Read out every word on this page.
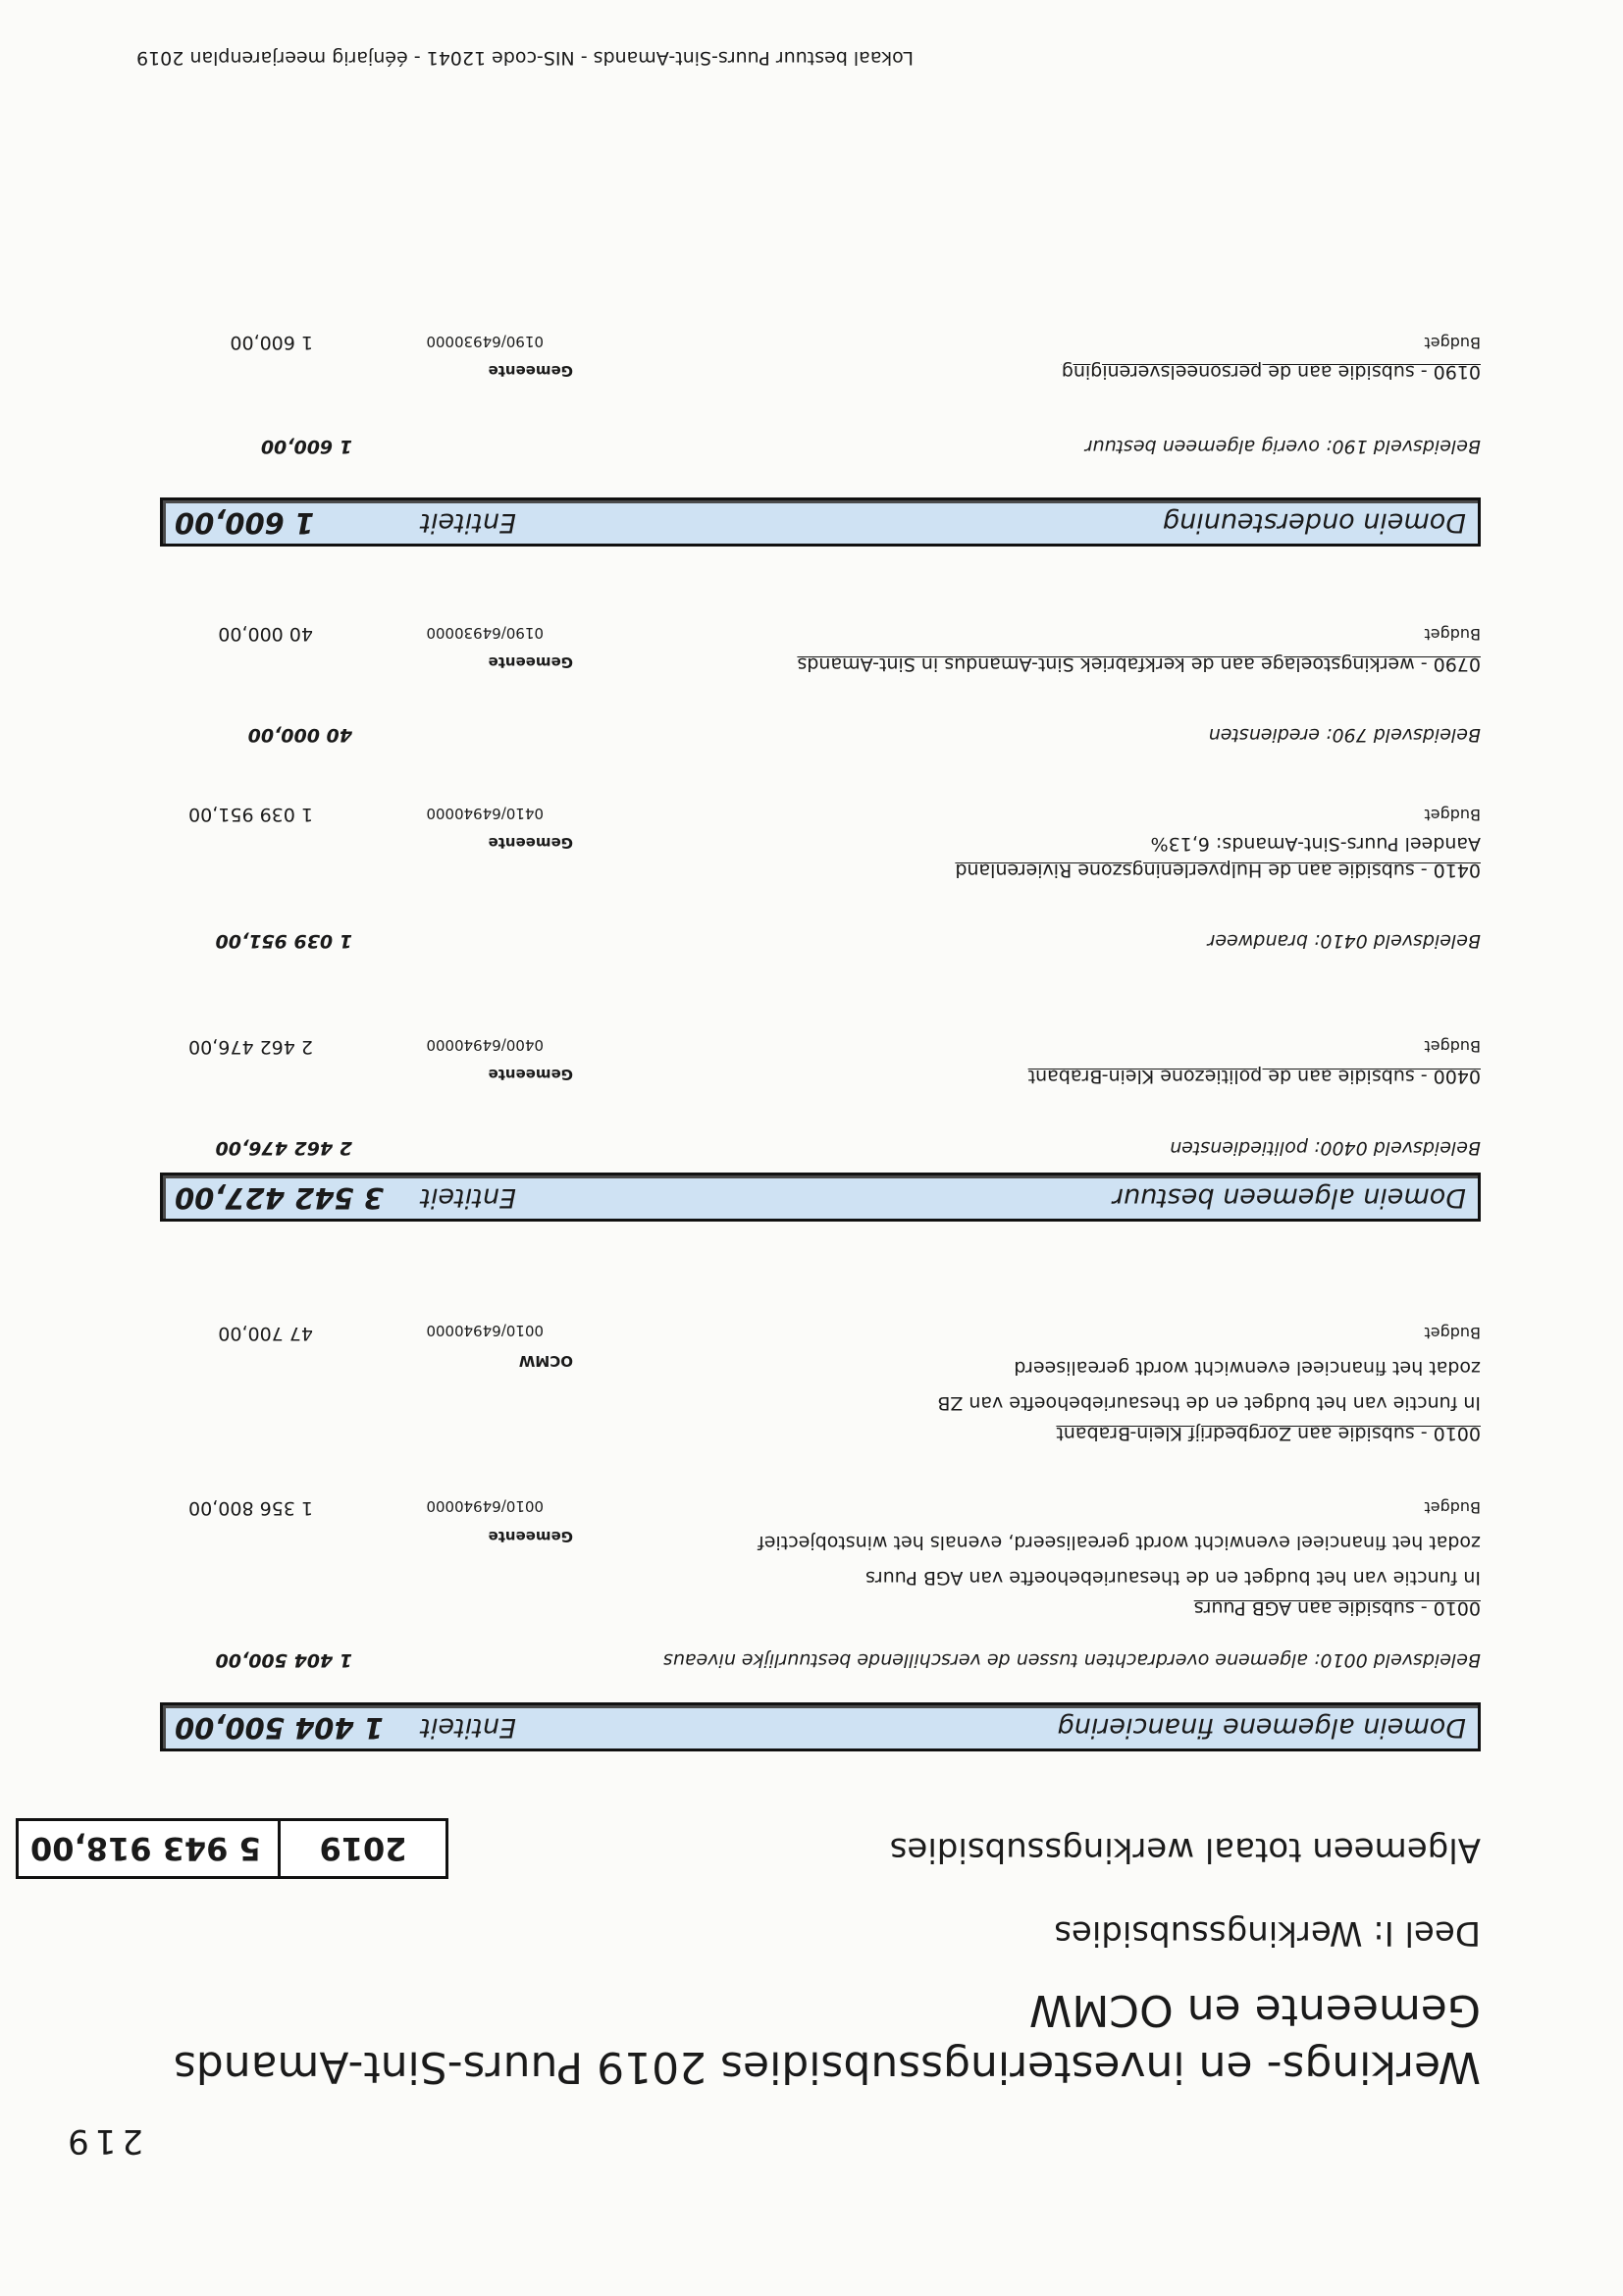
219
Werkings- en investeringssubsidies 2019 Puurs-Sint-Amands
Gemeente en OCMW
Deel I: Werkingssubsidies
Algemeen totaal werkingssubsidies
2019
5 943 918,00
Domein algemene financiering
Entiteit
1 404 500,00
Beleidsveld 0010: algemene overdrachten tussen de verschillende bestuurlijke niveaus
1 404 500,00
0010 - subsidie aan AGB Puurs
In functie van het budget en de thesauriebehoefte van AGB Puurs
zodat het financieel evenwicht wordt gerealiseerd, evenals het winstobjectief
Gemeente
Budget
0010/64940000
1 356 800,00
0010 - subsidie aan Zorgbedrijf Klein-Brabant
In functie van het budget en de thesauriebehoefte van ZB
zodat het financieel evenwicht wordt gerealiseerd
OCMW
Budget
0010/64940000
47 700,00
Domein algemeen bestuur
Entiteit
3 542 427,00
Beleidsveld 0400: politiediensten
2 462 476,00
0400 - subsidie aan de politiezone Klein-Brabant
Gemeente
Budget
0400/64940000
2 462 476,00
Beleidsveld 0410: brandweer
1 039 951,00
0410 - subsidie aan de Hulpverleningszone Rivierenland
Aandeel Puurs-Sint-Amands: 6,13%
Gemeente
Budget
0410/64940000
1 039 951,00
Beleidsveld 790: erediensten
40 000,00
0790 - werkingstoelage aan de kerkfabriek Sint-Amandus in Sint-Amands
Gemeente
Budget
0190/64930000
40 000,00
Domein ondersteuning
Entiteit
1 600,00
Beleidsveld 190: overig algemeen bestuur
1 600,00
0190 - subsidie aan de personeelsvereniging
Gemeente
Budget
0190/64930000
1 600,00
Lokaal bestuur Puurs-Sint-Amands - NIS-code 12041 - éénjarig meerjarenplan 2019
